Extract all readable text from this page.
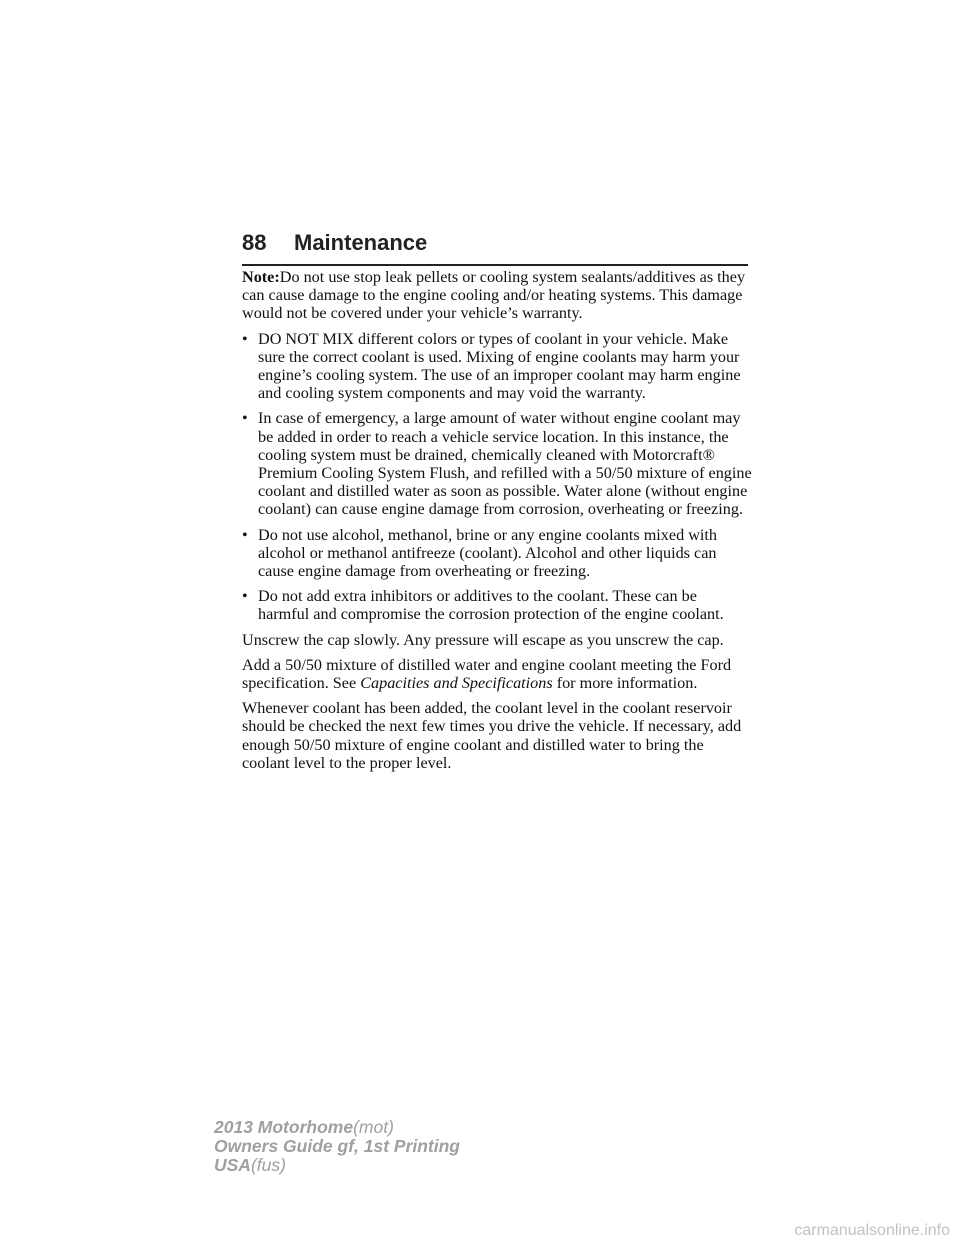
88 Maintenance

Note:Do not use stop leak pellets or cooling system sealants/additives as they can cause damage to the engine cooling and/or heating systems. This damage would not be covered under your vehicle’s warranty.

• DO NOT MIX different colors or types of coolant in your vehicle. Make sure the correct coolant is used. Mixing of engine coolants may harm your engine’s cooling system. The use of an improper coolant may harm engine and cooling system components and may void the warranty.
• In case of emergency, a large amount of water without engine coolant may be added in order to reach a vehicle service location. In this instance, the cooling system must be drained, chemically cleaned with Motorcraft® Premium Cooling System Flush, and refilled with a 50/50 mixture of engine coolant and distilled water as soon as possible. Water alone (without engine coolant) can cause engine damage from corrosion, overheating or freezing.
• Do not use alcohol, methanol, brine or any engine coolants mixed with alcohol or methanol antifreeze (coolant). Alcohol and other liquids can cause engine damage from overheating or freezing.
• Do not add extra inhibitors or additives to the coolant. These can be harmful and compromise the corrosion protection of the engine coolant.

Unscrew the cap slowly. Any pressure will escape as you unscrew the cap.

Add a 50/50 mixture of distilled water and engine coolant meeting the Ford specification. See Capacities and Specifications for more information.

Whenever coolant has been added, the coolant level in the coolant reservoir should be checked the next few times you drive the vehicle. If necessary, add enough 50/50 mixture of engine coolant and distilled water to bring the coolant level to the proper level.

2013 Motorhome(mot)
Owners Guide gf, 1st Printing
USA(fus)
carmanualsonline.info
